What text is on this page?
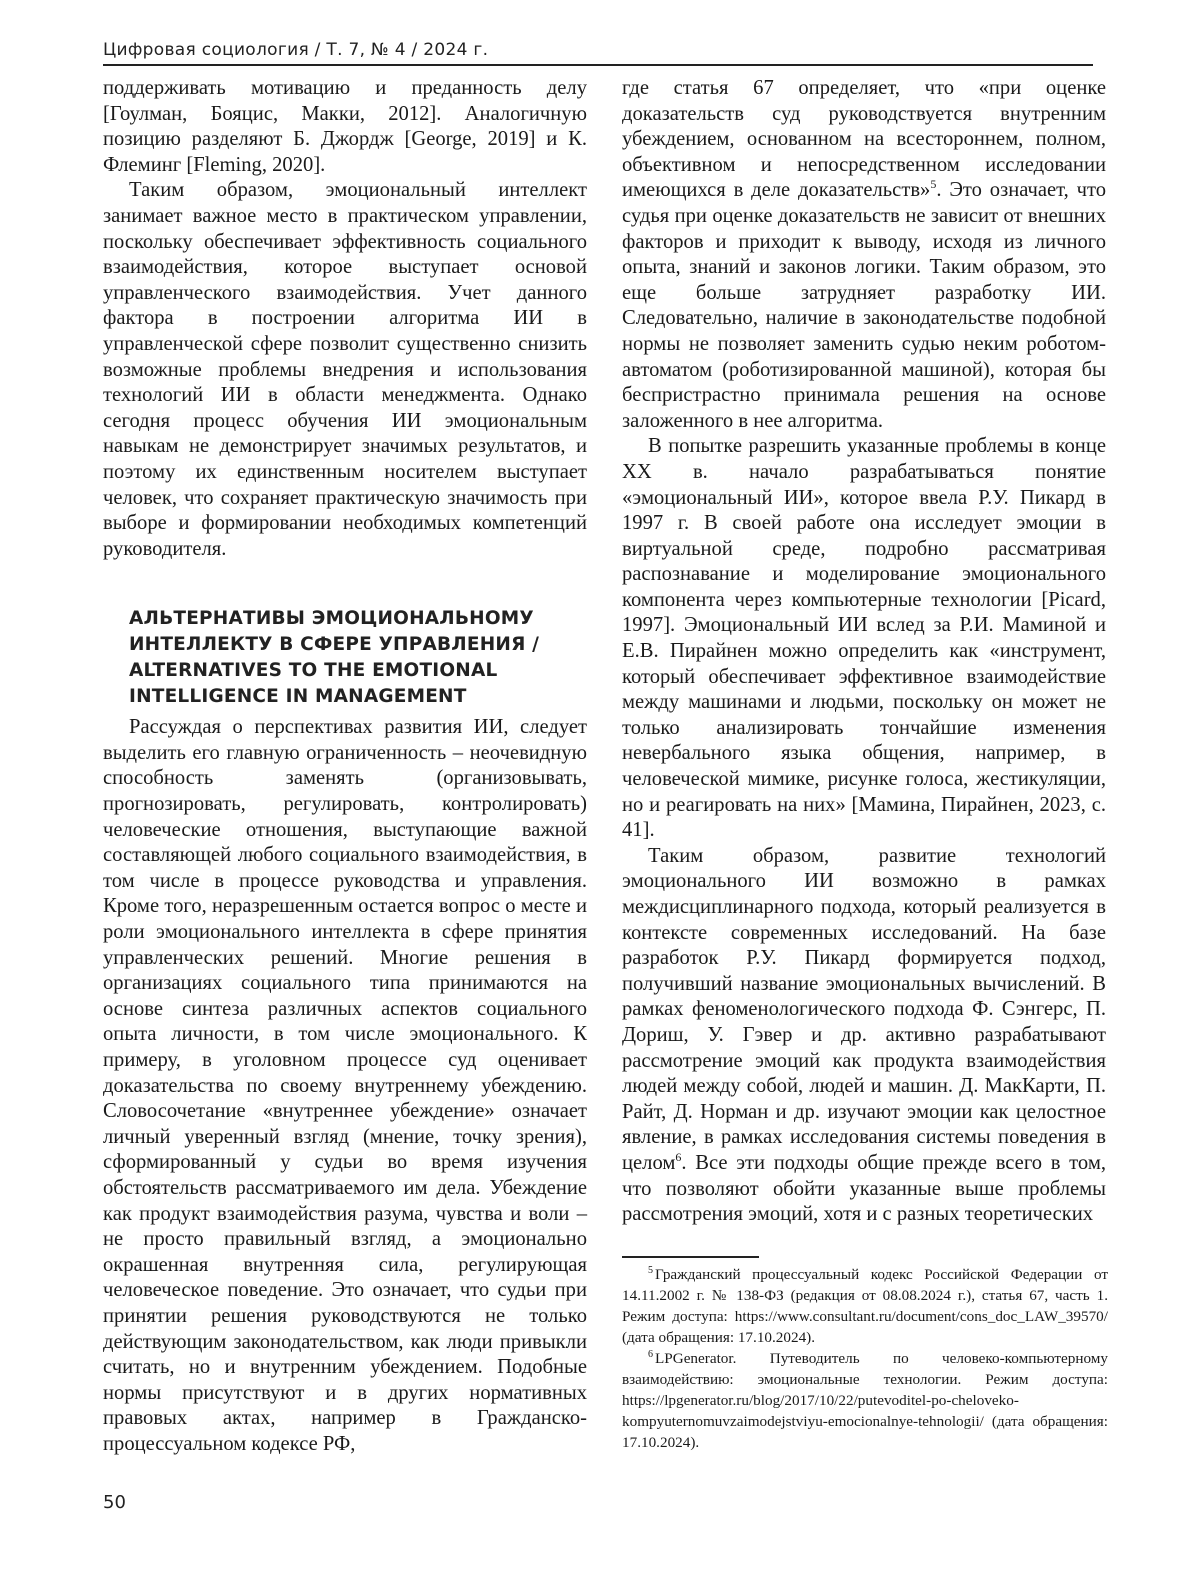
Цифровая социология / Т. 7, № 4 / 2024 г.

поддерживать мотивацию и преданность делу [Гоулман, Бояцис, Макки, 2012]. Аналогичную позицию разделяют Б. Джордж [George, 2019] и К. Флеминг [Fleming, 2020].

Таким образом, эмоциональный интеллект занимает важное место в практическом управлении, поскольку обеспечивает эффективность социального взаимодействия, которое выступает основой управленческого взаимодействия. Учет данного фактора в построении алгоритма ИИ в управленческой сфере позволит существенно снизить возможные проблемы внедрения и использования технологий ИИ в области менеджмента. Однако сегодня процесс обучения ИИ эмоциональным навыкам не демонстрирует значимых результатов, и поэтому их единственным носителем выступает человек, что сохраняет практическую значимость при выборе и формировании необходимых компетенций руководителя.

АЛЬТЕРНАТИВЫ ЭМОЦИОНАЛЬНОМУ ИНТЕЛЛЕКТУ В СФЕРЕ УПРАВЛЕНИЯ / ALTERNATIVES TO THE EMOTIONAL INTELLIGENCE IN MANAGEMENT

Рассуждая о перспективах развития ИИ, следует выделить его главную ограниченность – неочевидную способность заменять (организовывать, прогнозировать, регулировать, контролировать) человеческие отношения, выступающие важной составляющей любого социального взаимодействия, в том числе в процессе руководства и управления. Кроме того, неразрешенным остается вопрос о месте и роли эмоционального интеллекта в сфере принятия управленческих решений. Многие решения в организациях социального типа принимаются на основе синтеза различных аспектов социального опыта личности, в том числе эмоционального. К примеру, в уголовном процессе суд оценивает доказательства по своему внутреннему убеждению. Словосочетание «внутреннее убеждение» означает личный уверенный взгляд (мнение, точку зрения), сформированный у судьи во время изучения обстоятельств рассматриваемого им дела. Убеждение как продукт взаимодействия разума, чувства и воли – не просто правильный взгляд, а эмоционально окрашенная внутренняя сила, регулирующая человеческое поведение. Это означает, что судьи при принятии решения руководствуются не только действующим законодательством, как люди привыкли считать, но и внутренним убеждением. Подобные нормы присутствуют и в других нормативных правовых актах, например в Гражданско-процессуальном кодексе РФ,

где статья 67 определяет, что «при оценке доказательств суд руководствуется внутренним убеждением, основанном на всестороннем, полном, объективном и непосредственном исследовании имеющихся в деле доказательств»$^5$. Это означает, что судья при оценке доказательств не зависит от внешних факторов и приходит к выводу, исходя из личного опыта, знаний и законов логики. Таким образом, это еще больше затрудняет разработку ИИ. Следовательно, наличие в законодательстве подобной нормы не позволяет заменить судью неким роботом-автоматом (роботизированной машиной), которая бы беспристрастно принимала решения на основе заложенного в нее алгоритма.

В попытке разрешить указанные проблемы в конце XX в. начало разрабатываться понятие «эмоциональный ИИ», которое ввела Р.У. Пикард в 1997 г. В своей работе она исследует эмоции в виртуальной среде, подробно рассматривая распознавание и моделирование эмоционального компонента через компьютерные технологии [Picard, 1997]. Эмоциональный ИИ вслед за Р.И. Маминой и Е.В. Пирайнен можно определить как «инструмент, который обеспечивает эффективное взаимодействие между машинами и людьми, поскольку он может не только анализировать тончайшие изменения невербального языка общения, например, в человеческой мимике, рисунке голоса, жестикуляции, но и реагировать на них» [Мамина, Пирайнен, 2023, с. 41].

Таким образом, развитие технологий эмоционального ИИ возможно в рамках междисциплинарного подхода, который реализуется в контексте современных исследований. На базе разработок Р.У. Пикард формируется подход, получивший название эмоциональных вычислений. В рамках феноменологического подхода Ф. Сэнгерс, П. Дориш, У. Гэвер и др. активно разрабатывают рассмотрение эмоций как продукта взаимодействия людей между собой, людей и машин. Д. МакКарти, П. Райт, Д. Норман и др. изучают эмоции как целостное явление, в рамках исследования системы поведения в целом$^6$. Все эти подходы общие прежде всего в том, что позволяют обойти указанные выше проблемы рассмотрения эмоций, хотя и с разных теоретических

$^5$ Гражданский процессуальный кодекс Российской Федерации от 14.11.2002 г. № 138-ФЗ (редакция от 08.08.2024 г.), статья 67, часть 1. Режим доступа: https://www.consultant.ru/document/cons_doc_LAW_39570/ (дата обращения: 17.10.2024).

$^6$ LPGenerator. Путеводитель по человеко-компьютерному взаимодействию: эмоциональные технологии. Режим доступа: https://lpgenerator.ru/blog/2017/10/22/putevoditel-po-cheloveko-kompyuternomuvzaimodejstviyu-emocionalnye-tehnologii/ (дата обращения: 17.10.2024).

50
